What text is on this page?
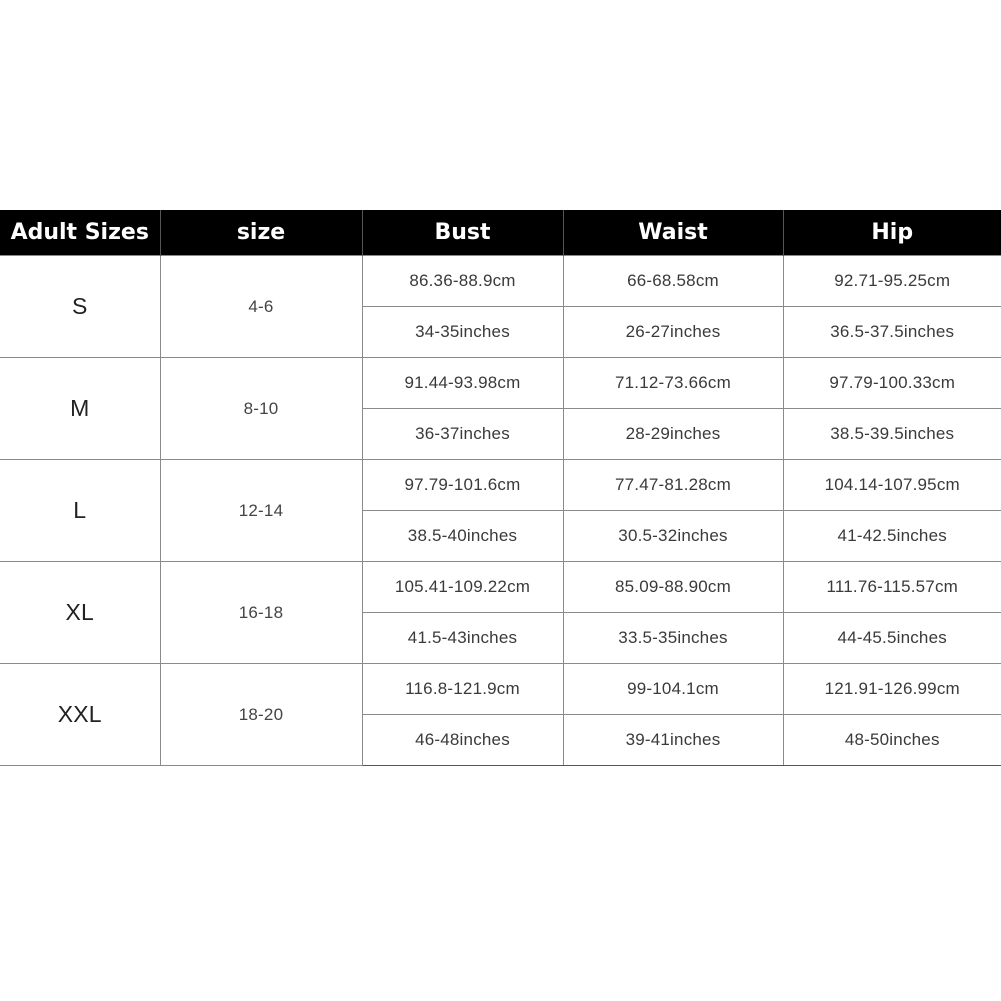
Adult Sizes	size	Bust	Waist	Hip
S	4-6	86.36-88.9cm	66-68.58cm	92.71-95.25cm
		34-35inches	26-27inches	36.5-37.5inches
M	8-10	91.44-93.98cm	71.12-73.66cm	97.79-100.33cm
		36-37inches	28-29inches	38.5-39.5inches
L	12-14	97.79-101.6cm	77.47-81.28cm	104.14-107.95cm
		38.5-40inches	30.5-32inches	41-42.5inches
XL	16-18	105.41-109.22cm	85.09-88.90cm	111.76-115.57cm
		41.5-43inches	33.5-35inches	44-45.5inches
XXL	18-20	116.8-121.9cm	99-104.1cm	121.91-126.99cm
		46-48inches	39-41inches	48-50inches
